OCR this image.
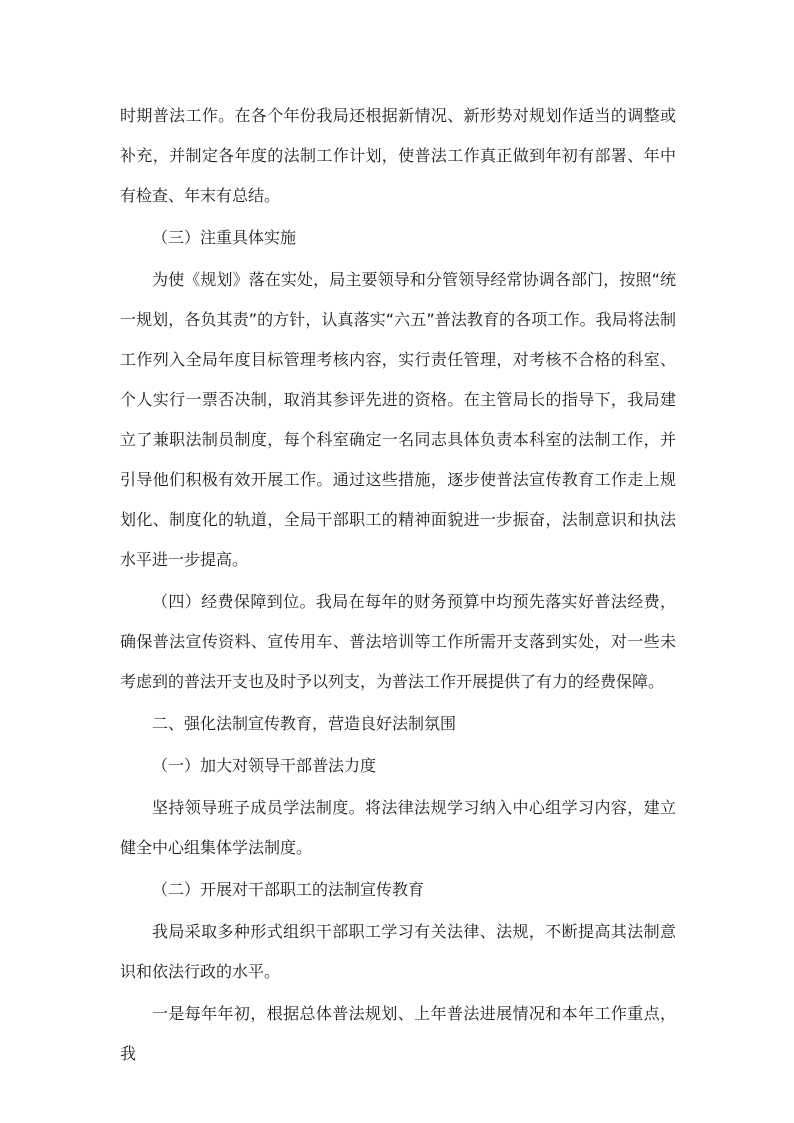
时期普法工作。在各个年份我局还根据新情况、新形势对规划作适当的调整或补充，并制定各年度的法制工作计划，使普法工作真正做到年初有部署、年中有检查、年末有总结。

（三）注重具体实施

为使《规划》落在实处，局主要领导和分管领导经常协调各部门，按照“统一规划，各负其责”的方针，认真落实“六五”普法教育的各项工作。我局将法制工作列入全局年度目标管理考核内容，实行责任管理，对考核不合格的科室、个人实行一票否决制，取消其参评先进的资格。在主管局长的指导下，我局建立了兼职法制员制度，每个科室确定一名同志具体负责本科室的法制工作，并引导他们积极有效开展工作。通过这些措施，逐步使普法宣传教育工作走上规划化、制度化的轨道，全局干部职工的精神面貌进一步振奋，法制意识和执法水平进一步提高。

（四）经费保障到位。我局在每年的财务预算中均预先落实好普法经费，确保普法宣传资料、宣传用车、普法培训等工作所需开支落到实处，对一些未考虑到的普法开支也及时予以列支，为普法工作开展提供了有力的经费保障。

二、强化法制宣传教育，营造良好法制氛围

（一）加大对领导干部普法力度

坚持领导班子成员学法制度。将法律法规学习纳入中心组学习内容，建立健全中心组集体学法制度。

（二）开展对干部职工的法制宣传教育

我局采取多种形式组织干部职工学习有关法律、法规，不断提高其法制意识和依法行政的水平。

一是每年年初，根据总体普法规划、上年普法进展情况和本年工作重点，我
